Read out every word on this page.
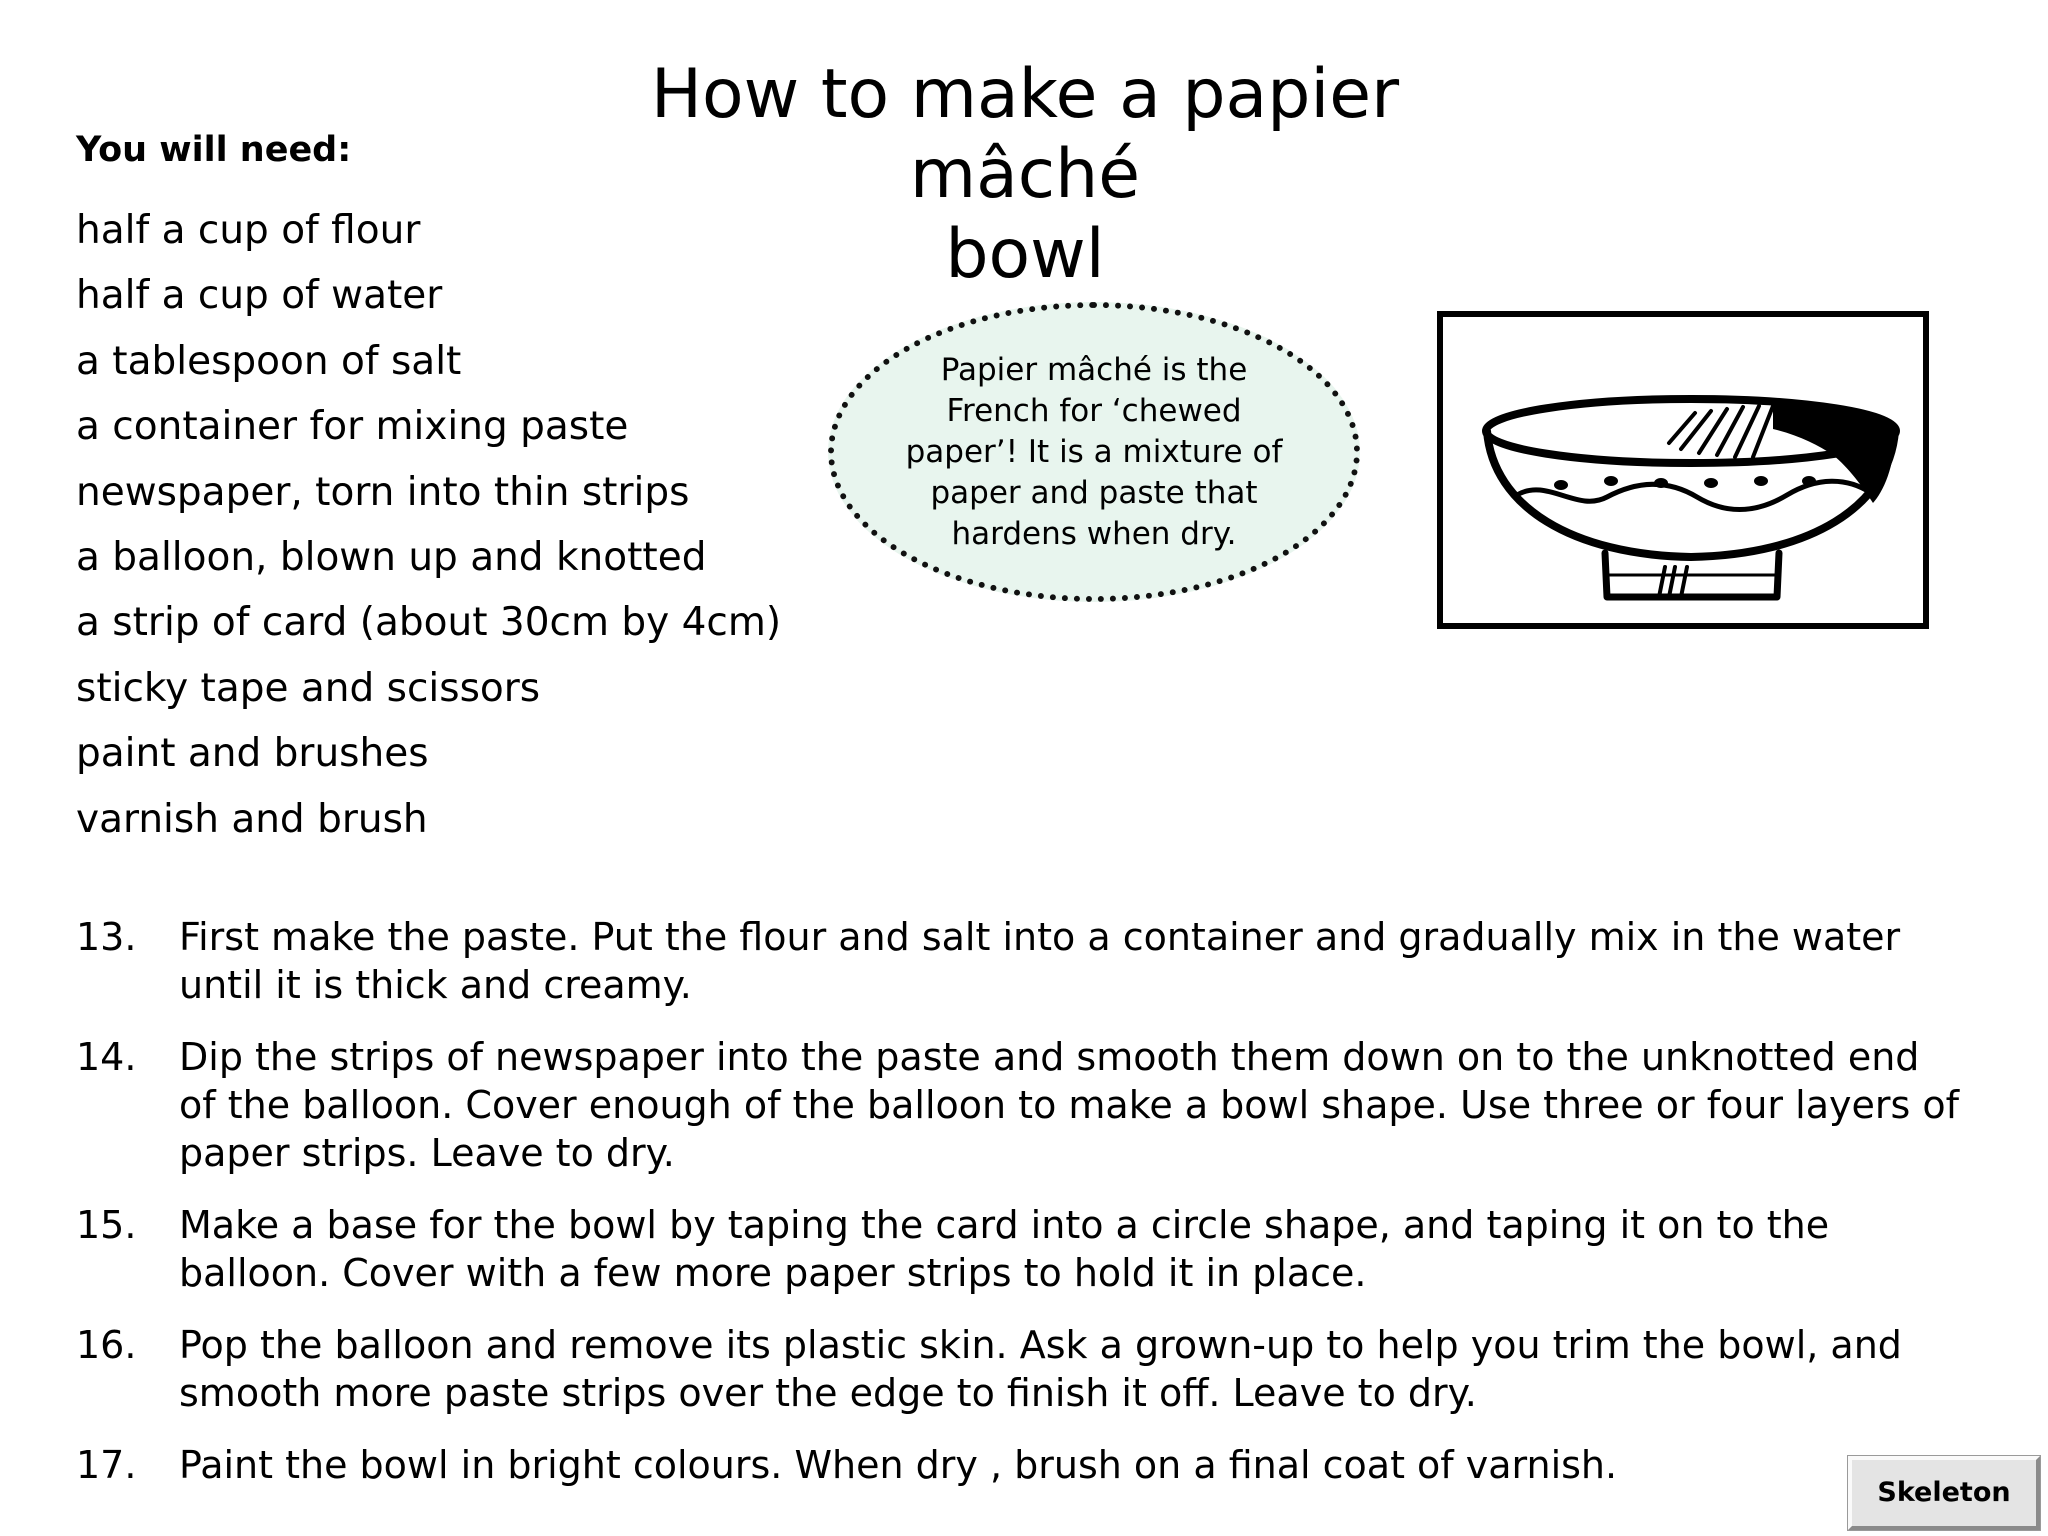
How to make a papier mâché
bowl

You will need:

half a cup of flour
half a cup of water
a tablespoon of salt
a container for mixing paste
newspaper, torn into thin strips
a balloon, blown up and knotted
a strip of card (about 30cm by 4cm)
sticky tape and scissors
paint and brushes
varnish and brush

Papier mâché is the French for ‘chewed paper’! It is a mixture of paper and paste that hardens when dry.

13.	First make the paste. Put the flour and salt into a container and gradually mix in the water until it is thick and creamy.
14.	Dip the strips of newspaper into the paste and smooth them down on to the unknotted end of the balloon. Cover enough of the balloon to make a bowl shape. Use three or four layers of paper strips. Leave to dry.
15.	Make a base for the bowl by taping the card into a circle shape, and taping it on to the balloon. Cover with a few more paper strips to hold it in place.
16.	Pop the balloon and remove its plastic skin. Ask a grown-up to help you trim the bowl, and smooth more paste strips over the edge to finish it off. Leave to dry.
17.	Paint the bowl in bright colours. When dry , brush on a final coat of varnish.
Skeleton
